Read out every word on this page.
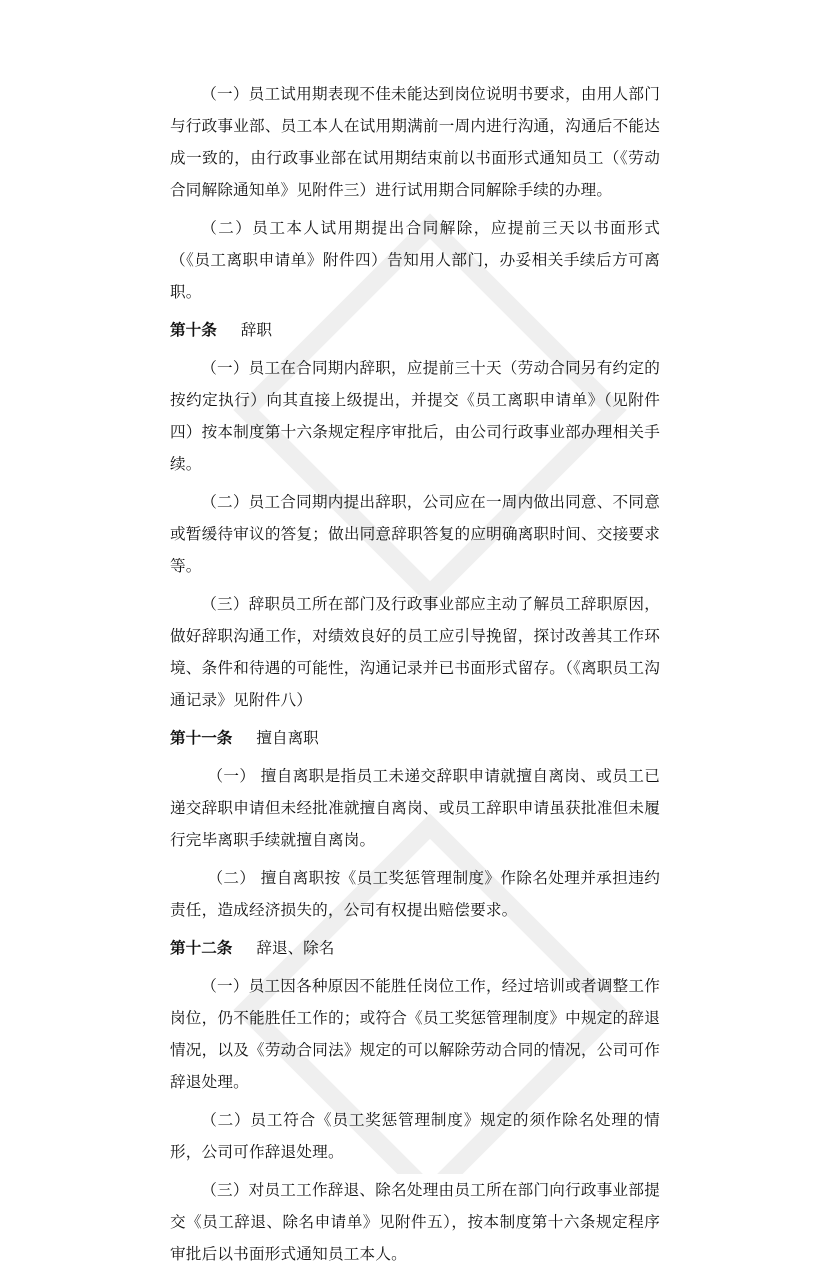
（一）员工试用期表现不佳未能达到岗位说明书要求，由用人部门与行政事业部、员工本人在试用期满前一周内进行沟通，沟通后不能达成一致的，由行政事业部在试用期结束前以书面形式通知员工（《劳动合同解除通知单》见附件三）进行试用期合同解除手续的办理。

（二）员工本人试用期提出合同解除，应提前三天以书面形式（《员工离职申请单》附件四）告知用人部门，办妥相关手续后方可离职。

第十条 辞职

（一）员工在合同期内辞职，应提前三十天（劳动合同另有约定的按约定执行）向其直接上级提出，并提交《员工离职申请单》（见附件四）按本制度第十六条规定程序审批后，由公司行政事业部办理相关手续。

（二）员工合同期内提出辞职，公司应在一周内做出同意、不同意或暂缓待审议的答复；做出同意辞职答复的应明确离职时间、交接要求等。

（三）辞职员工所在部门及行政事业部应主动了解员工辞职原因，做好辞职沟通工作，对绩效良好的员工应引导挽留，探讨改善其工作环境、条件和待遇的可能性，沟通记录并已书面形式留存。（《离职员工沟通记录》见附件八）

第十一条 擅自离职

（一） 擅自离职是指员工未递交辞职申请就擅自离岗、或员工已递交辞职申请但未经批准就擅自离岗、或员工辞职申请虽获批准但未履行完毕离职手续就擅自离岗。

（二） 擅自离职按《员工奖惩管理制度》作除名处理并承担违约责任，造成经济损失的，公司有权提出赔偿要求。

第十二条 辞退、除名

（一）员工因各种原因不能胜任岗位工作，经过培训或者调整工作岗位，仍不能胜任工作的；或符合《员工奖惩管理制度》中规定的辞退情况，以及《劳动合同法》规定的可以解除劳动合同的情况，公司可作辞退处理。

（二）员工符合《员工奖惩管理制度》规定的须作除名处理的情形，公司可作辞退处理。

（三）对员工工作辞退、除名处理由员工所在部门向行政事业部提交《员工辞退、除名申请单》见附件五），按本制度第十六条规定程序审批后以书面形式通知员工本人。
